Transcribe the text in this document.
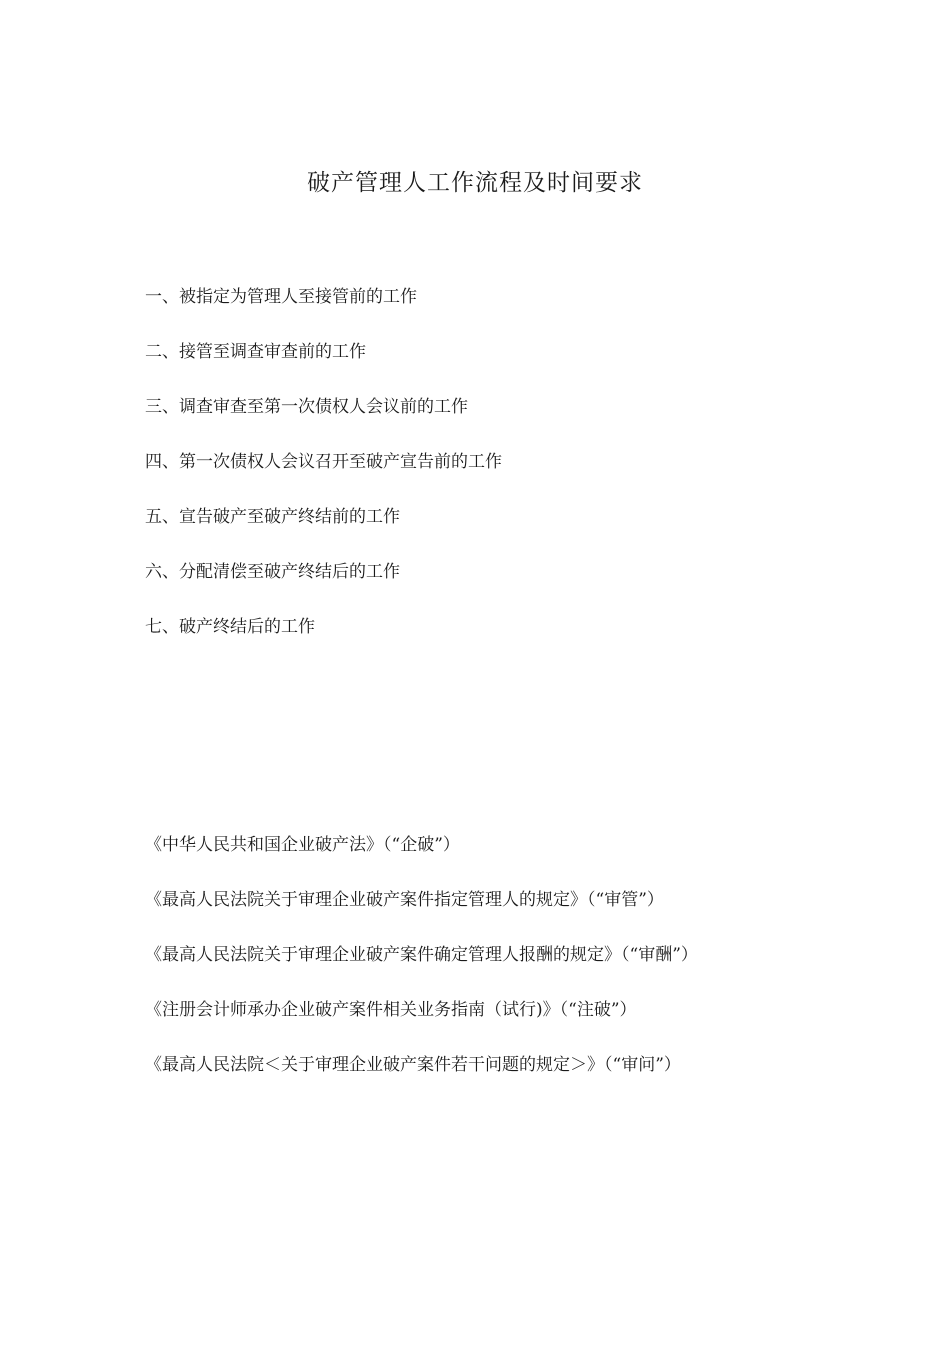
破产管理人工作流程及时间要求
一、被指定为管理人至接管前的工作
二、接管至调查审查前的工作
三、调查审查至第一次债权人会议前的工作
四、第一次债权人会议召开至破产宣告前的工作
五、宣告破产至破产终结前的工作
六、分配清偿至破产终结后的工作
七、破产终结后的工作
《中华人民共和国企业破产法》（“企破”）
《最高人民法院关于审理企业破产案件指定管理人的规定》（“审管”）
《最高人民法院关于审理企业破产案件确定管理人报酬的规定》（“审酬”）
《注册会计师承办企业破产案件相关业务指南（试行)》（“注破”）
《最高人民法院＜关于审理企业破产案件若干问题的规定＞》（“审问”）
